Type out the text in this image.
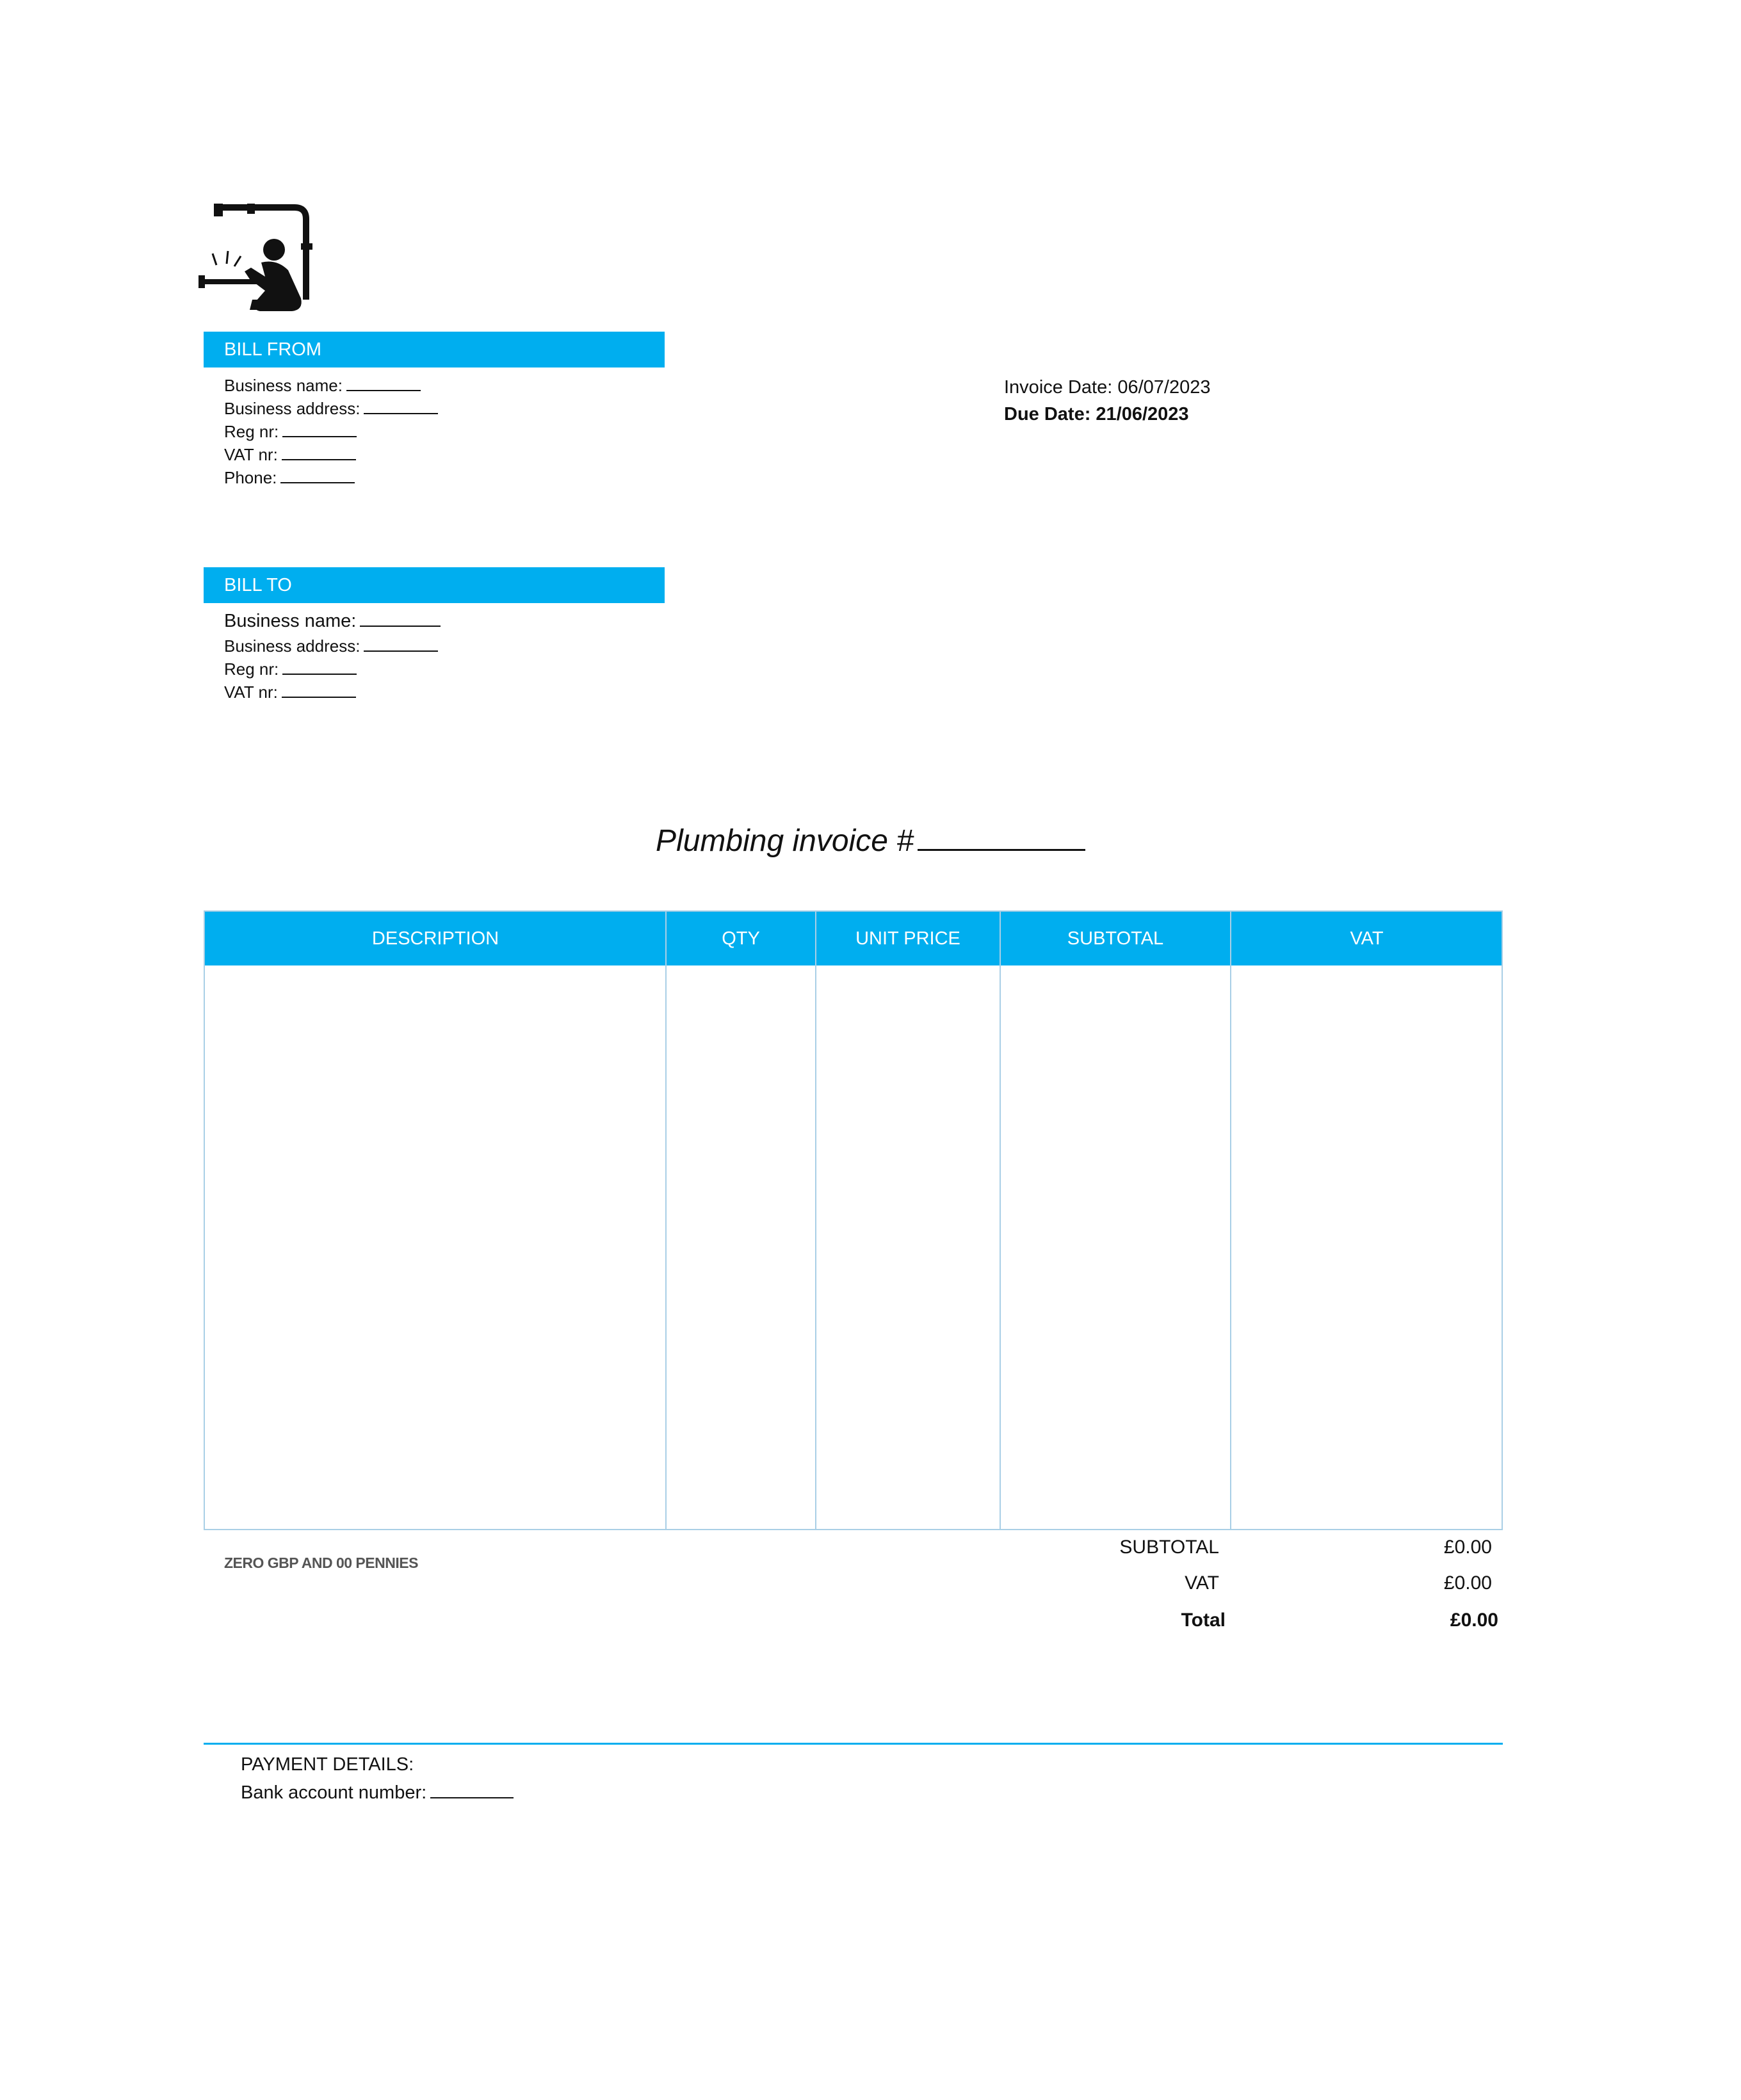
BILL FROM
Business name:
Business address:
Reg nr:
VAT nr:
Phone:
BILL TO
Business name:
Business address:
Reg nr:
VAT nr:
Invoice Date: 06/07/2023
Due Date: 21/06/2023
Plumbing invoice #
DESCRIPTION	QTY	UNIT PRICE	SUBTOTAL	VAT
ZERO GBP AND 00 PENNIES
SUBTOTAL	£0.00
VAT	£0.00
Total	£0.00
PAYMENT DETAILS:
Bank account number:
